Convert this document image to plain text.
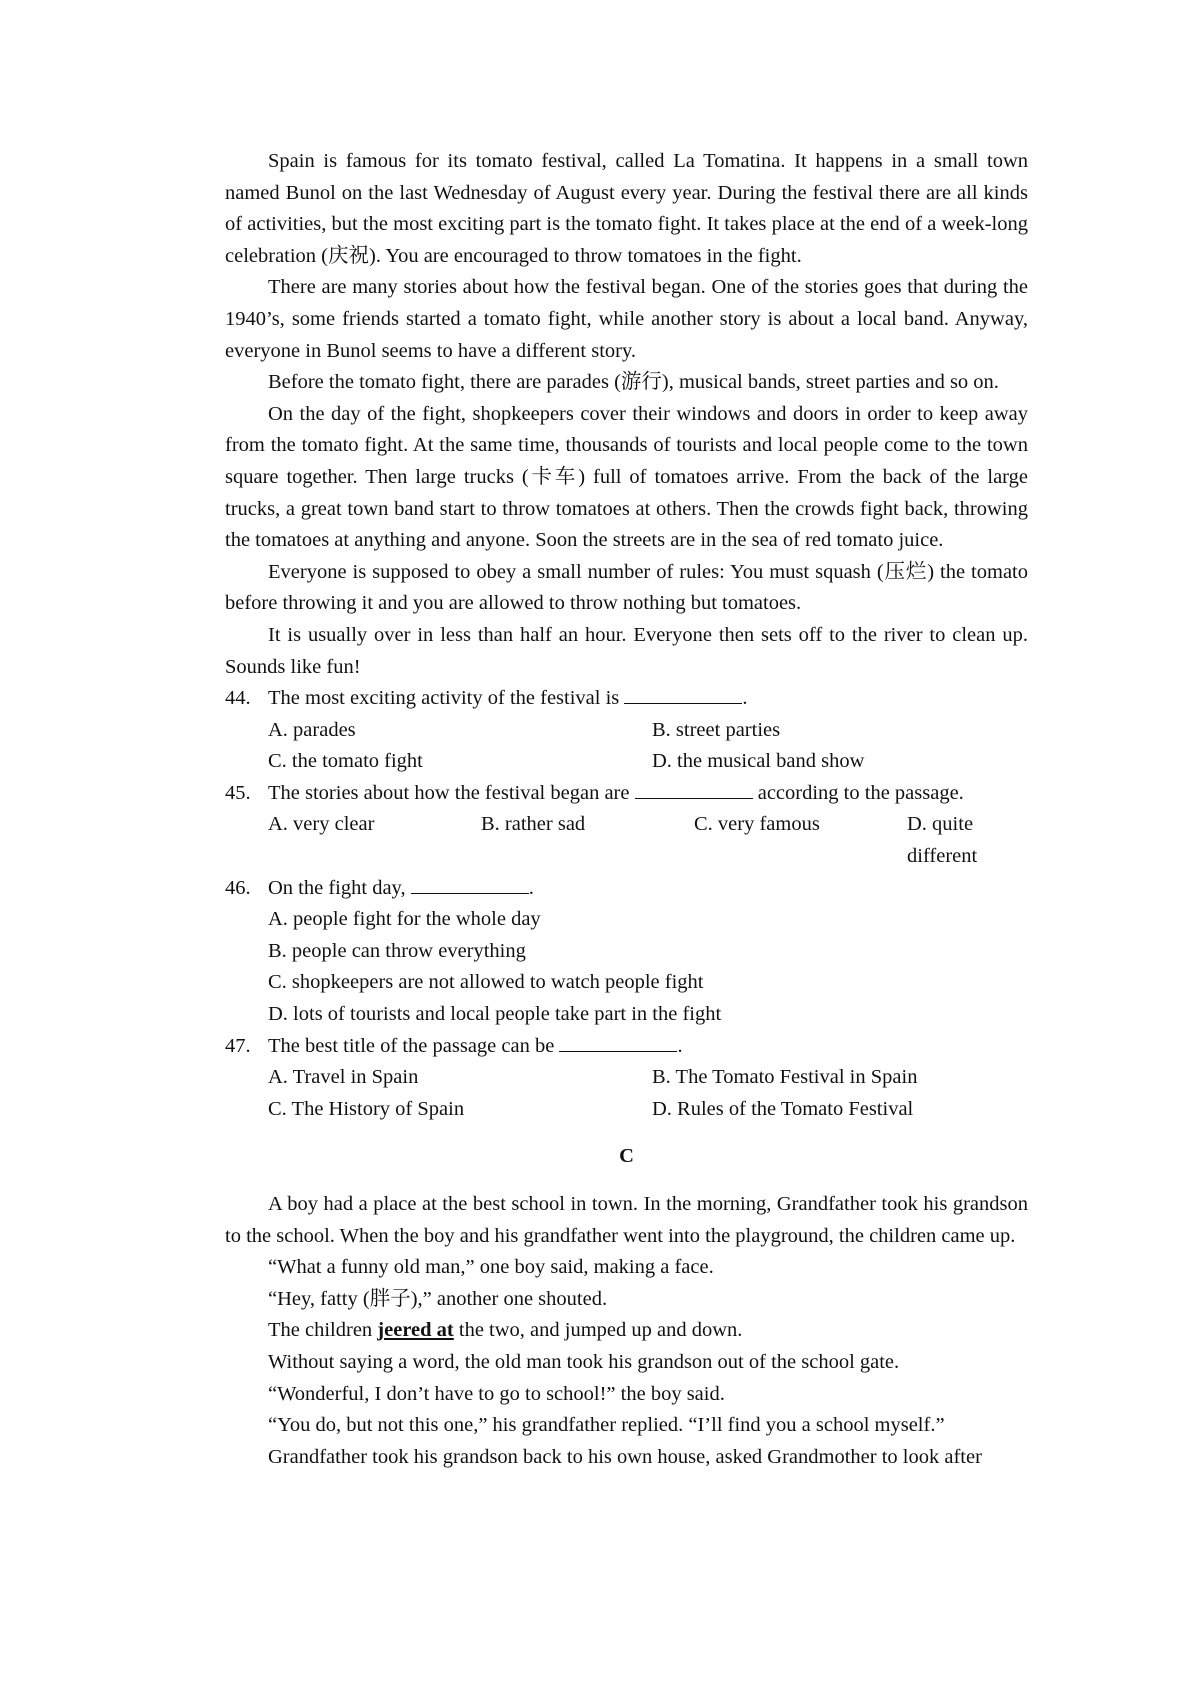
Spain is famous for its tomato festival, called La Tomatina. It happens in a small town named Bunol on the last Wednesday of August every year. During the festival there are all kinds of activities, but the most exciting part is the tomato fight. It takes place at the end of a week-long celebration (庆祝). You are encouraged to throw tomatoes in the fight.

There are many stories about how the festival began. One of the stories goes that during the 1940’s, some friends started a tomato fight, while another story is about a local band. Anyway, everyone in Bunol seems to have a different story.

Before the tomato fight, there are parades (游行), musical bands, street parties and so on.

On the day of the fight, shopkeepers cover their windows and doors in order to keep away from the tomato fight. At the same time, thousands of tourists and local people come to the town square together. Then large trucks (卡车) full of tomatoes arrive. From the back of the large trucks, a great town band start to throw tomatoes at others. Then the crowds fight back, throwing the tomatoes at anything and anyone. Soon the streets are in the sea of red tomato juice.

Everyone is supposed to obey a small number of rules: You must squash (压烂) the tomato before throwing it and you are allowed to throw nothing but tomatoes.

It is usually over in less than half an hour. Everyone then sets off to the river to clean up. Sounds like fun!

44. The most exciting activity of the festival is	.
A. parades	B. street parties
C. the tomato fight	D. the musical band show
45. The stories about how the festival began are	according to the passage.
A. very clear	B. rather sad	C. very famous	D. quite different
46. On the fight day,	.
A. people fight for the whole day
B. people can throw everything
C. shopkeepers are not allowed to watch people fight
D. lots of tourists and local people take part in the fight
47. The best title of the passage can be	.
A. Travel in Spain	B. The Tomato Festival in Spain
C. The History of Spain	D. Rules of the Tomato Festival

C

A boy had a place at the best school in town. In the morning, Grandfather took his grandson to the school. When the boy and his grandfather went into the playground, the children came up.

“What a funny old man,” one boy said, making a face.

“Hey, fatty (胖子),” another one shouted.

The children jeered at the two, and jumped up and down.

Without saying a word, the old man took his grandson out of the school gate.

“Wonderful, I don’t have to go to school!” the boy said.

“You do, but not this one,” his grandfather replied. “I’ll find you a school myself.”

Grandfather took his grandson back to his own house, asked Grandmother to look after
